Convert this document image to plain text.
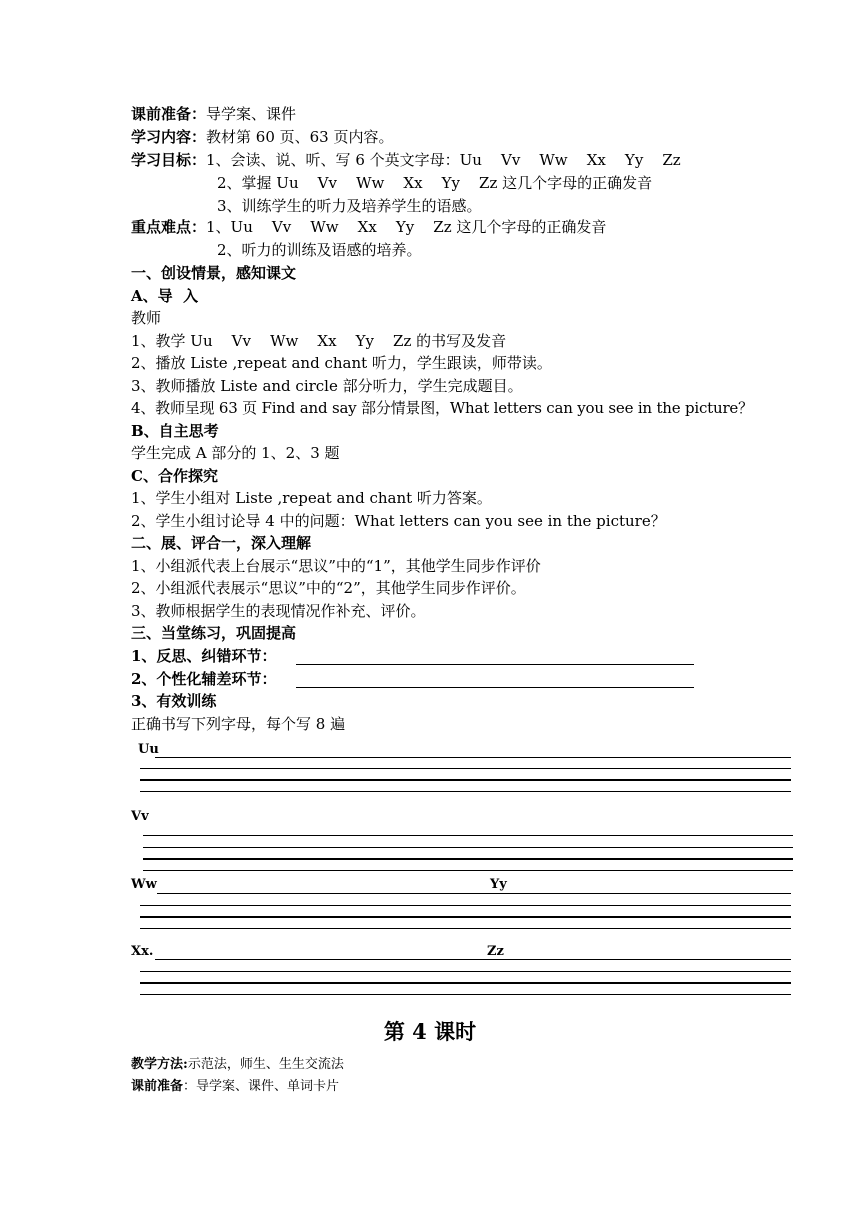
课前准备：导学案、课件
学习内容：教材第 60 页、63 页内容。
学习目标：1、会读、说、听、写 6 个英文字母：Uu    Vv    Ww    Xx    Yy    Zz
2、掌握 Uu    Vv    Ww    Xx    Yy    Zz 这几个字母的正确发音
3、训练学生的听力及培养学生的语感。
重点难点：1、Uu    Vv    Ww    Xx    Yy    Zz 这几个字母的正确发音
2、听力的训练及语感的培养。
一、创设情景，感知课文
A、导  入
教师
1、教学 Uu    Vv    Ww    Xx    Yy    Zz 的书写及发音
2、播放 Liste ,repeat and chant 听力，学生跟读，师带读。
3、教师播放 Liste and circle 部分听力，学生完成题目。
4、教师呈现 63 页 Find and say 部分情景图，What letters can you see in the picture？
B、自主思考
学生完成 A 部分的 1、2、3 题
C、合作探究
1、学生小组对 Liste ,repeat and chant 听力答案。
2、学生小组讨论导 4 中的问题：What letters can you see in the picture？
二、展、评合一，深入理解
1、小组派代表上台展示“思议”中的“1”，其他学生同步作评价
2、小组派代表展示“思议”中的“2”，其他学生同步作评价。
3、教师根据学生的表现情况作补充、评价。
三、当堂练习，巩固提高
1、反思、纠错环节：
2、个性化辅差环节：
3、有效训练
正确书写下列字母，每个写 8 遍
Uu
Vv
Ww	Yy
Xx.	Zz
第 4 课时
教学方法:示范法，师生、生生交流法
课前准备：导学案、课件、单词卡片
